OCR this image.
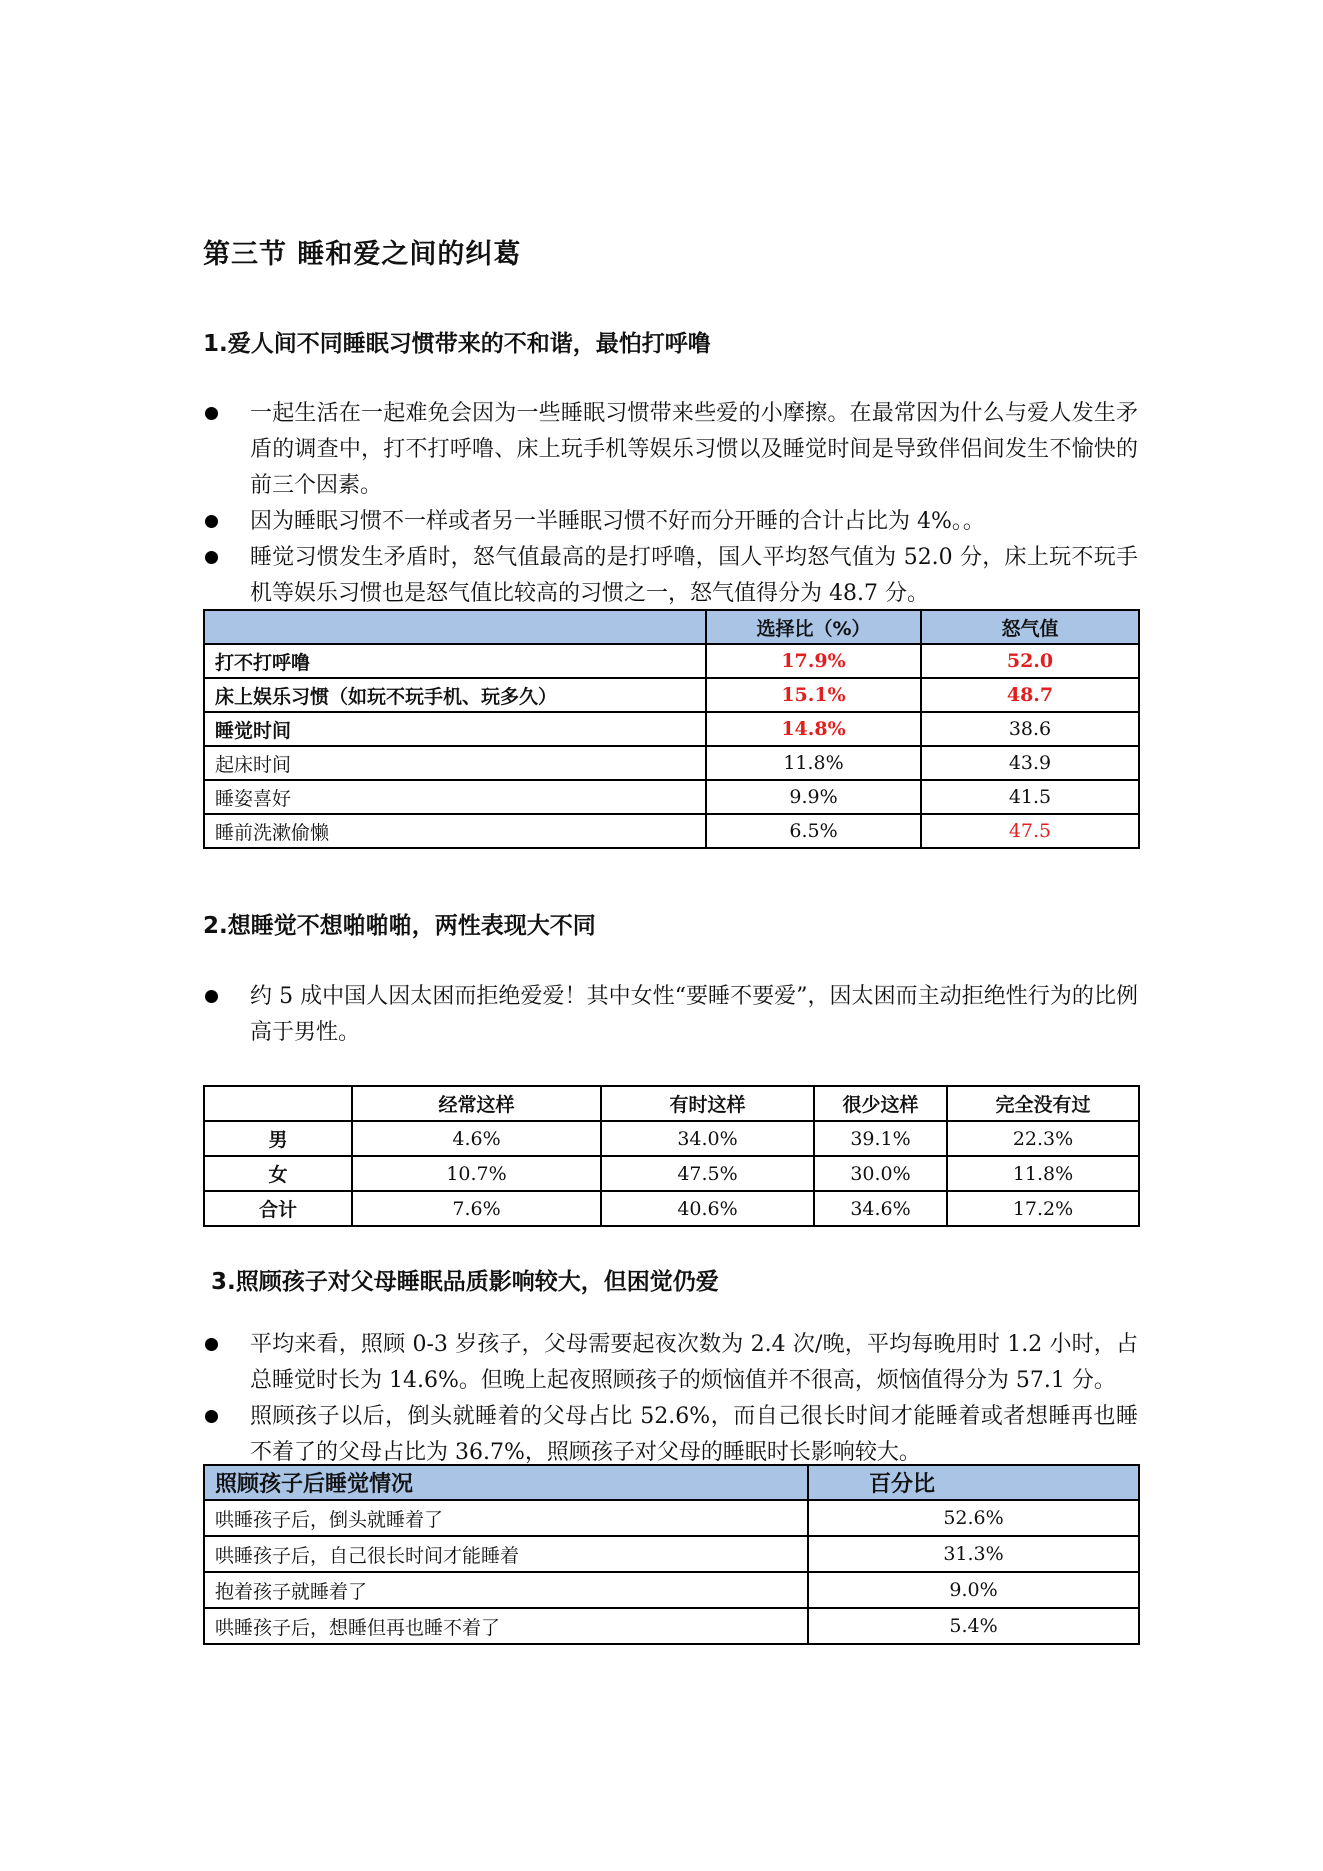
第三节 睡和爱之间的纠葛
1.爱人间不同睡眠习惯带来的不和谐，最怕打呼噜

一起生活在一起难免会因为一些睡眠习惯带来些爱的小摩擦。在最常因为什么与爱人发生矛盾的调查中，打不打呼噜、床上玩手机等娱乐习惯以及睡觉时间是导致伴侣间发生不愉快的前三个因素。

因为睡眠习惯不一样或者另一半睡眠习惯不好而分开睡的合计占比为 4%。。

睡觉习惯发生矛盾时，怒气值最高的是打呼噜，国人平均怒气值为 52.0 分，床上玩不玩手机等娱乐习惯也是怒气值比较高的习惯之一，怒气值得分为 48.7 分。

	选择比（%）	怒气值
打不打呼噜	17.9%	52.0
床上娱乐习惯（如玩不玩手机、玩多久）	15.1%	48.7
睡觉时间	14.8%	38.6
起床时间	11.8%	43.9
睡姿喜好	9.9%	41.5
睡前洗漱偷懒	6.5%	47.5
2.想睡觉不想啪啪啪，两性表现大不同

约 5 成中国人因太困而拒绝爱爱！其中女性“要睡不要爱”，因太困而主动拒绝性行为的比例高于男性。

	经常这样	有时这样	很少这样	完全没有过
男	4.6%	34.0%	39.1%	22.3%
女	10.7%	47.5%	30.0%	11.8%
合计	7.6%	40.6%	34.6%	17.2%
3.照顾孩子对父母睡眠品质影响较大，但困觉仍爱

平均来看，照顾 0-3 岁孩子，父母需要起夜次数为 2.4 次/晚，平均每晚用时 1.2 小时，占总睡觉时长为 14.6%。但晚上起夜照顾孩子的烦恼值并不很高，烦恼值得分为 57.1 分。

照顾孩子以后，倒头就睡着的父母占比 52.6%，而自己很长时间才能睡着或者想睡再也睡不着了的父母占比为 36.7%，照顾孩子对父母的睡眠时长影响较大。

照顾孩子后睡觉情况	百分比
哄睡孩子后，倒头就睡着了	52.6%
哄睡孩子后，自己很长时间才能睡着	31.3%
抱着孩子就睡着了	9.0%
哄睡孩子后，想睡但再也睡不着了	5.4%
